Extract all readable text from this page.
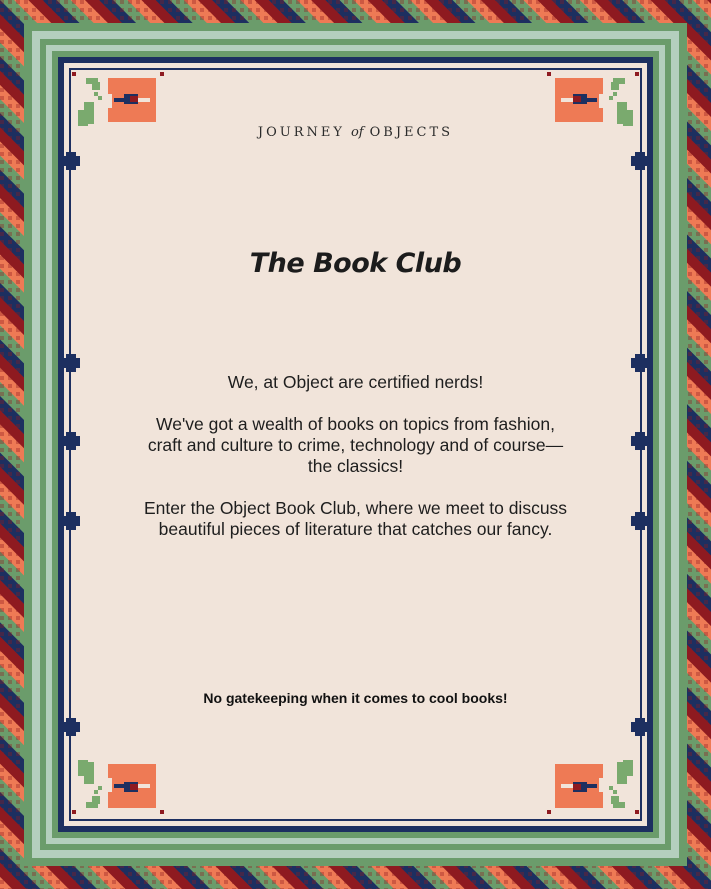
JOURNEY of OBJECTS
The Book Club

We, at Object are certified nerds!

We've got a wealth of books on topics from fashion, craft and culture to crime, technology and of course—the classics!

Enter the Object Book Club, where we meet to discuss beautiful pieces of literature that catches our fancy.

No gatekeeping when it comes to cool books!
